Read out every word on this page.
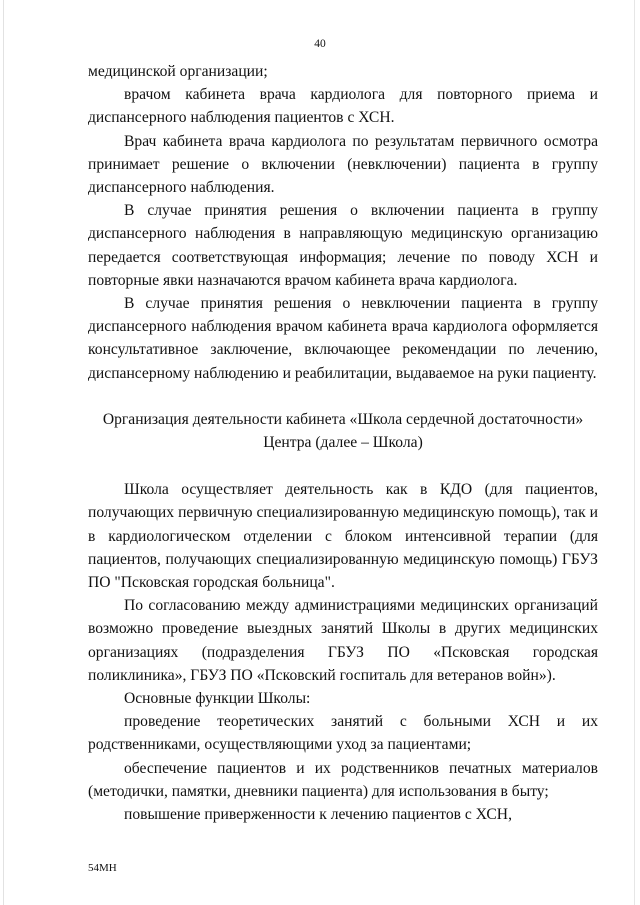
40

медицинской организации;

врачом кабинета врача кардиолога для повторного приема и диспансерного наблюдения пациентов с ХСН.

Врач кабинета врача кардиолога по результатам первичного осмотра принимает решение о включении (невключении) пациента в группу диспансерного наблюдения.

В случае принятия решения о включении пациента в группу диспансерного наблюдения в направляющую медицинскую организацию передается соответствующая информация; лечение по поводу ХСН и повторные явки назначаются врачом кабинета врача кардиолога.

В случае принятия решения о невключении пациента в группу диспансерного наблюдения врачом кабинета врача кардиолога оформляется консультативное заключение, включающее рекомендации по лечению, диспансерному наблюдению и реабилитации, выдаваемое на руки пациенту.

Организация деятельности кабинета «Школа сердечной достаточности» Центра (далее – Школа)

Школа осуществляет деятельность как в КДО (для пациентов, получающих первичную специализированную медицинскую помощь), так и в кардиологическом отделении с блоком интенсивной терапии (для пациентов, получающих специализированную медицинскую помощь) ГБУЗ ПО "Псковская городская больница".

По согласованию между администрациями медицинских организаций возможно проведение выездных занятий Школы в других медицинских организациях (подразделения ГБУЗ ПО «Псковская городская поликлиника», ГБУЗ ПО «Псковский госпиталь для ветеранов войн»).

Основные функции Школы:

проведение теоретических занятий с больными ХСН и их родственниками, осуществляющими уход за пациентами;

обеспечение пациентов и их родственников печатных материалов (методички, памятки, дневники пациента) для использования в быту;

повышение приверженности к лечению пациентов с ХСН,

54МН
